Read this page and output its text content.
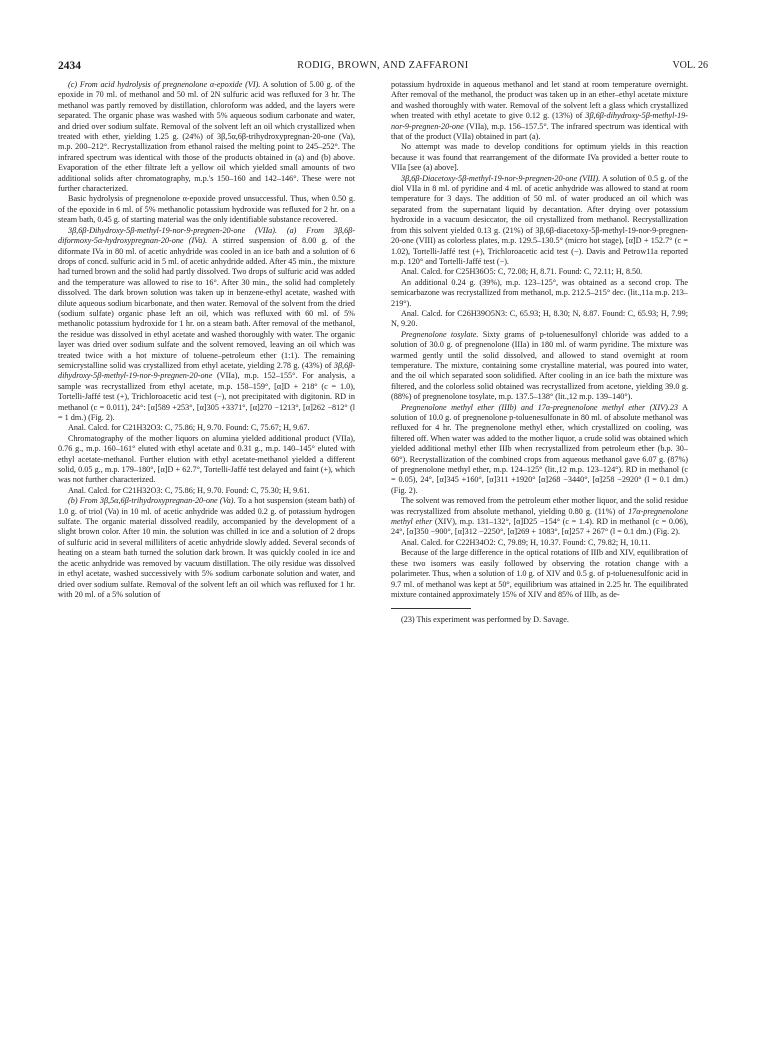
2434	RODIG, BROWN, AND ZAFFARONI	VOL. 26

(c) From acid hydrolysis of pregnenolone α-epoxide (VI). A solution of 5.00 g. of the epoxide in 70 ml. of methanol and 50 ml. of 2N sulfuric acid was refluxed for 3 hr. The methanol was partly removed by distillation, chloroform was added, and the layers were separated. The organic phase was washed with 5% aqueous sodium carbonate and water, and dried over sodium sulfate. Removal of the solvent left an oil which crystallized when treated with ether, yielding 1.25 g. (24%) of 3β,5α,6β-trihydroxypregnan-20-one (Va), m.p. 200–212°. Recrystallization from ethanol raised the melting point to 245–252°. The infrared spectrum was identical with those of the products obtained in (a) and (b) above. Evaporation of the ether filtrate left a yellow oil which yielded small amounts of two additional solids after chromatography, m.p.'s 150–160 and 142–146°. These were not further characterized.

Basic hydrolysis of pregnenolone α-epoxide proved unsuccessful. Thus, when 0.50 g. of the epoxide in 6 ml. of 5% methanolic potassium hydroxide was refluxed for 2 hr. on a steam bath, 0.45 g. of starting material was the only identifiable substance recovered.

3β,6β-Dihydroxy-5β-methyl-19-nor-9-pregnen-20-one (VIIa). (a) From 3β,6β-diformoxy-5α-hydroxypregnan-20-one (IVa). A stirred suspension of 8.00 g. of the diformate IVa in 80 ml. of acetic anhydride was cooled in an ice bath and a solution of 6 drops of concd. sulfuric acid in 5 ml. of acetic anhydride added. After 45 min., the mixture had turned brown and the solid had partly dissolved. Two drops of sulfuric acid was added and the temperature was allowed to rise to 16°. After 30 min., the solid had completely dissolved. The dark brown solution was taken up in benzene-ethyl acetate, washed with dilute aqueous sodium bicarbonate, and then water. Removal of the solvent from the dried (sodium sulfate) organic phase left an oil, which was refluxed with 60 ml. of 5% methanolic potassium hydroxide for 1 hr. on a steam bath. After removal of the methanol, the residue was dissolved in ethyl acetate and washed thoroughly with water. The organic layer was dried over sodium sulfate and the solvent removed, leaving an oil which was treated twice with a hot mixture of toluene–petroleum ether (1:1). The remaining semicrystalline solid was crystallized from ethyl acetate, yielding 2.78 g. (43%) of 3β,6β-dihydroxy-5β-methyl-19-nor-9-pregnen-20-one (VIIa), m.p. 152–155°. For analysis, a sample was recrystallized from ethyl acetate, m.p. 158–159°, [α]D + 218° (c = 1.0), Tortelli-Jaffé test (+), Trichloroacetic acid test (−), not precipitated with digitonin. RD in methanol (c = 0.011), 24°: [α]589 +253°, [α]305 +3371°, [α]270 −1213°, [α]262 −812° (l = 1 dm.) (Fig. 2).

Anal. Calcd. for C21H32O3: C, 75.86; H, 9.70. Found: C, 75.67; H, 9.67.

Chromatography of the mother liquors on alumina yielded additional product (VIIa), 0.76 g., m.p. 160–161° eluted with ethyl acetate and 0.31 g., m.p. 140–145° eluted with ethyl acetate-methanol. Further elution with ethyl acetate-methanol yielded a different solid, 0.05 g., m.p. 179–180°, [α]D + 62.7°, Tortelli-Jaffé test delayed and faint (+), which was not further characterized.

Anal. Calcd. for C21H32O3: C, 75.86; H, 9.70. Found: C, 75.30; H, 9.61.

(b) From 3β,5α,6β-trihydroxypregnan-20-one (Va). To a hot suspension (steam bath) of 1.0 g. of triol (Va) in 10 ml. of acetic anhydride was added 0.2 g. of potassium hydrogen sulfate. The organic material dissolved readily, accompanied by the development of a slight brown color. After 10 min. the solution was chilled in ice and a solution of 2 drops of sulfuric acid in several milliliters of acetic anhydride slowly added. Several seconds of heating on a steam bath turned the solution dark brown. It was quickly cooled in ice and the acetic anhydride was removed by vacuum distillation. The oily residue was dissolved in ethyl acetate, washed successively with 5% sodium carbonate solution and water, and dried over sodium sulfate. Removal of the solvent left an oil which was refluxed for 1 hr. with 20 ml. of a 5% solution of

potassium hydroxide in aqueous methanol and let stand at room temperature overnight. After removal of the methanol, the product was taken up in an ether–ethyl acetate mixture and washed thoroughly with water. Removal of the solvent left a glass which crystallized when treated with ethyl acetate to give 0.12 g. (13%) of 3β,6β-dihydroxy-5β-methyl-19-nor-9-pregnen-20-one (VIIa), m.p. 156–157.5°. The infrared spectrum was identical with that of the product (VIIa) obtained in part (a).

No attempt was made to develop conditions for optimum yields in this reaction because it was found that rearrangement of the diformate IVa provided a better route to VIIa [see (a) above].

3β,6β-Diacetoxy-5β-methyl-19-nor-9-pregnen-20-one (VIII). A solution of 0.5 g. of the diol VIIa in 8 ml. of pyridine and 4 ml. of acetic anhydride was allowed to stand at room temperature for 3 days. The addition of 50 ml. of water produced an oil which was separated from the supernatant liquid by decantation. After drying over potassium hydroxide in a vacuum desiccator, the oil crystallized from methanol. Recrystallization from this solvent yielded 0.13 g. (21%) of 3β,6β-diacetoxy-5β-methyl-19-nor-9-pregnen-20-one (VIII) as colorless plates, m.p. 129.5–130.5° (micro hot stage), [α]D + 152.7° (c = 1.02), Tortelli-Jaffé test (+), Trichloroacetic acid test (−). Davis and Petrow11a reported m.p. 120° and Tortelli-Jaffé test (−).

Anal. Calcd. for C25H36O5: C, 72.08; H, 8.71. Found: C, 72.11; H, 8.50.

An additional 0.24 g. (39%), m.p. 123–125°, was obtained as a second crop. The semicarbazone was recrystallized from methanol, m.p. 212.5–215° dec. (lit.,11a m.p. 213–219°).

Anal. Calcd. for C26H39O5N3: C, 65.93; H, 8.30; N, 8.87. Found: C, 65.93; H, 7.99; N, 9.20.

Pregnenolone tosylate. Sixty grams of p-toluenesulfonyl chloride was added to a solution of 30.0 g. of pregnenolone (IIIa) in 180 ml. of warm pyridine. The mixture was warmed gently until the solid dissolved, and allowed to stand overnight at room temperature. The mixture, containing some crystalline material, was poured into water, and the oil which separated soon solidified. After cooling in an ice bath the mixture was filtered, and the colorless solid obtained was recrystallized from acetone, yielding 39.0 g. (88%) of pregnenolone tosylate, m.p. 137.5–138° (lit.,12 m.p. 139–140°).

Pregnenolone methyl ether (IIIb) and 17α-pregnenolone methyl ether (XIV).23 A solution of 10.0 g. of pregnenolone p-toluenesulfonate in 80 ml. of absolute methanol was refluxed for 4 hr. The pregnenolone methyl ether, which crystallized on cooling, was filtered off. When water was added to the mother liquor, a crude solid was obtained which yielded additional methyl ether IIIb when recrystallized from petroleum ether (b.p. 30–60°). Recrystallization of the combined crops from aqueous methanol gave 6.07 g. (87%) of pregnenolone methyl ether, m.p. 124–125° (lit.,12 m.p. 123–124°). RD in methanol (c = 0.05), 24°, [α]345 +160°, [α]311 +1920° [α]268 −3440°, [α]258 −2920° (l = 0.1 dm.) (Fig. 2).

The solvent was removed from the petroleum ether mother liquor, and the solid residue was recrystallized from absolute methanol, yielding 0.80 g. (11%) of 17α-pregnenolone methyl ether (XIV), m.p. 131–132°, [α]D25 −154° (c = 1.4). RD in methanol (c = 0.06), 24°, [α]350 −900°, [α]312 −2250°, [α]269 + 1083°, [α]257 + 267° (l = 0.1 dm.) (Fig. 2).

Anal. Calcd. for C22H34O2: C, 79.89; H, 10.37. Found: C, 79.82; H, 10.11.

Because of the large difference in the optical rotations of IIIb and XIV, equilibration of these two isomers was easily followed by observing the rotation change with a polarimeter. Thus, when a solution of 1.0 g. of XIV and 0.5 g. of p-toluenesulfonic acid in 9.7 ml. of methanol was kept at 50°, equilibrium was attained in 2.25 hr. The equilibrated mixture contained approximately 15% of XIV and 85% of IIIb, as de-

(23) This experiment was performed by D. Savage.
